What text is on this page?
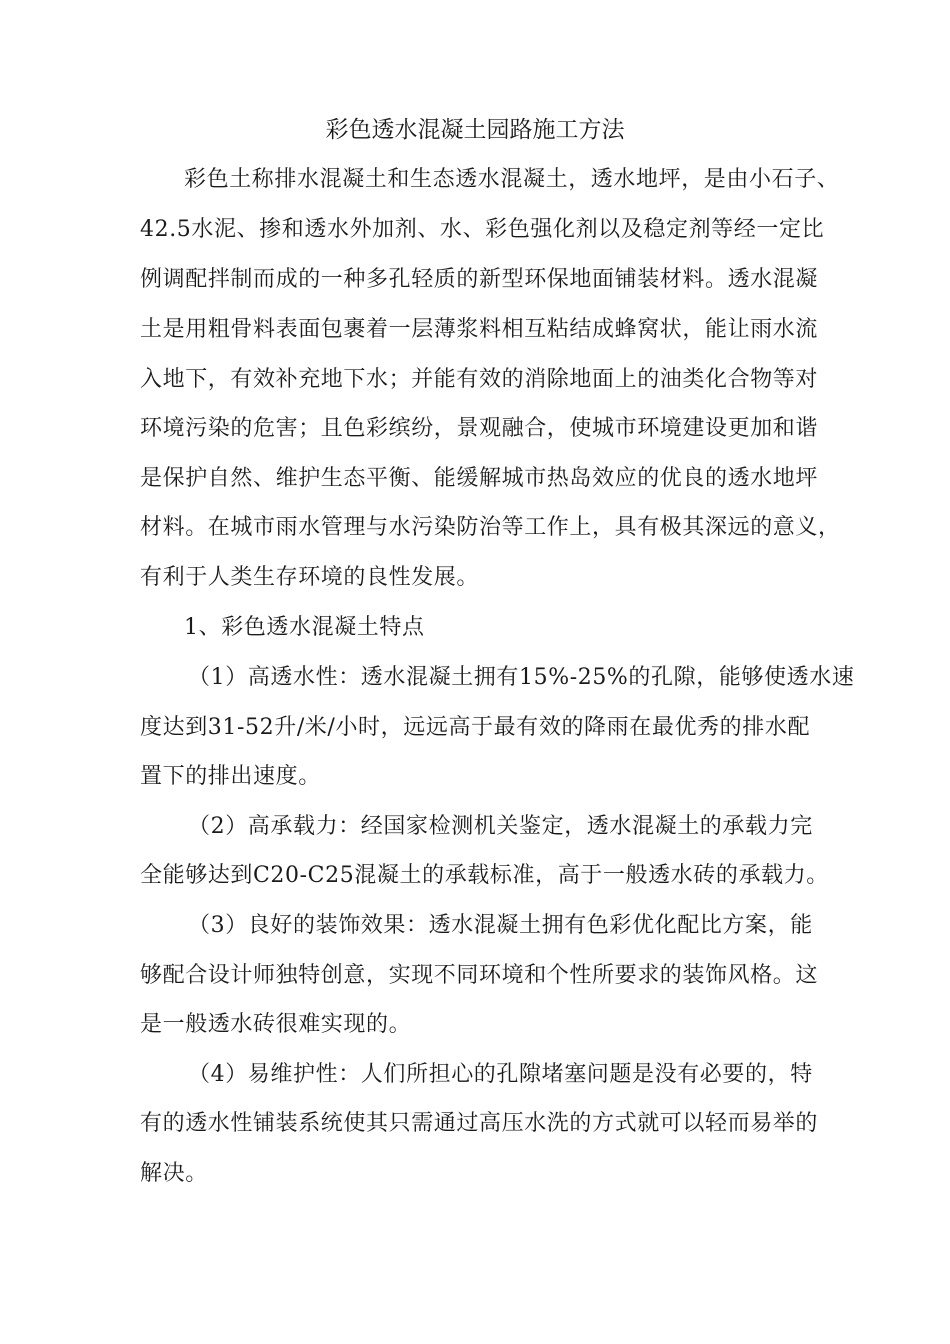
彩色透水混凝土园路施工方法
彩色土称排水混凝土和生态透水混凝土，透水地坪，是由小石子、
42.5水泥、掺和透水外加剂、水、彩色强化剂以及稳定剂等经一定比
例调配拌制而成的一种多孔轻质的新型环保地面铺装材料。透水混凝
土是用粗骨料表面包裹着一层薄浆料相互粘结成蜂窝状，能让雨水流
入地下，有效补充地下水；并能有效的消除地面上的油类化合物等对
环境污染的危害；且色彩缤纷，景观融合，使城市环境建设更加和谐
是保护自然、维护生态平衡、能缓解城市热岛效应的优良的透水地坪
材料。在城市雨水管理与水污染防治等工作上，具有极其深远的意义，
有利于人类生存环境的良性发展。
1、彩色透水混凝土特点
（1）高透水性：透水混凝土拥有15%-25%的孔隙，能够使透水速
度达到31-52升/米/小时，远远高于最有效的降雨在最优秀的排水配
置下的排出速度。
（2）高承载力：经国家检测机关鉴定，透水混凝土的承载力完
全能够达到C20-C25混凝土的承载标准，高于一般透水砖的承载力。
（3）良好的装饰效果：透水混凝土拥有色彩优化配比方案，能
够配合设计师独特创意，实现不同环境和个性所要求的装饰风格。这
是一般透水砖很难实现的。
（4）易维护性：人们所担心的孔隙堵塞问题是没有必要的，特
有的透水性铺装系统使其只需通过高压水洗的方式就可以轻而易举的
解决。
